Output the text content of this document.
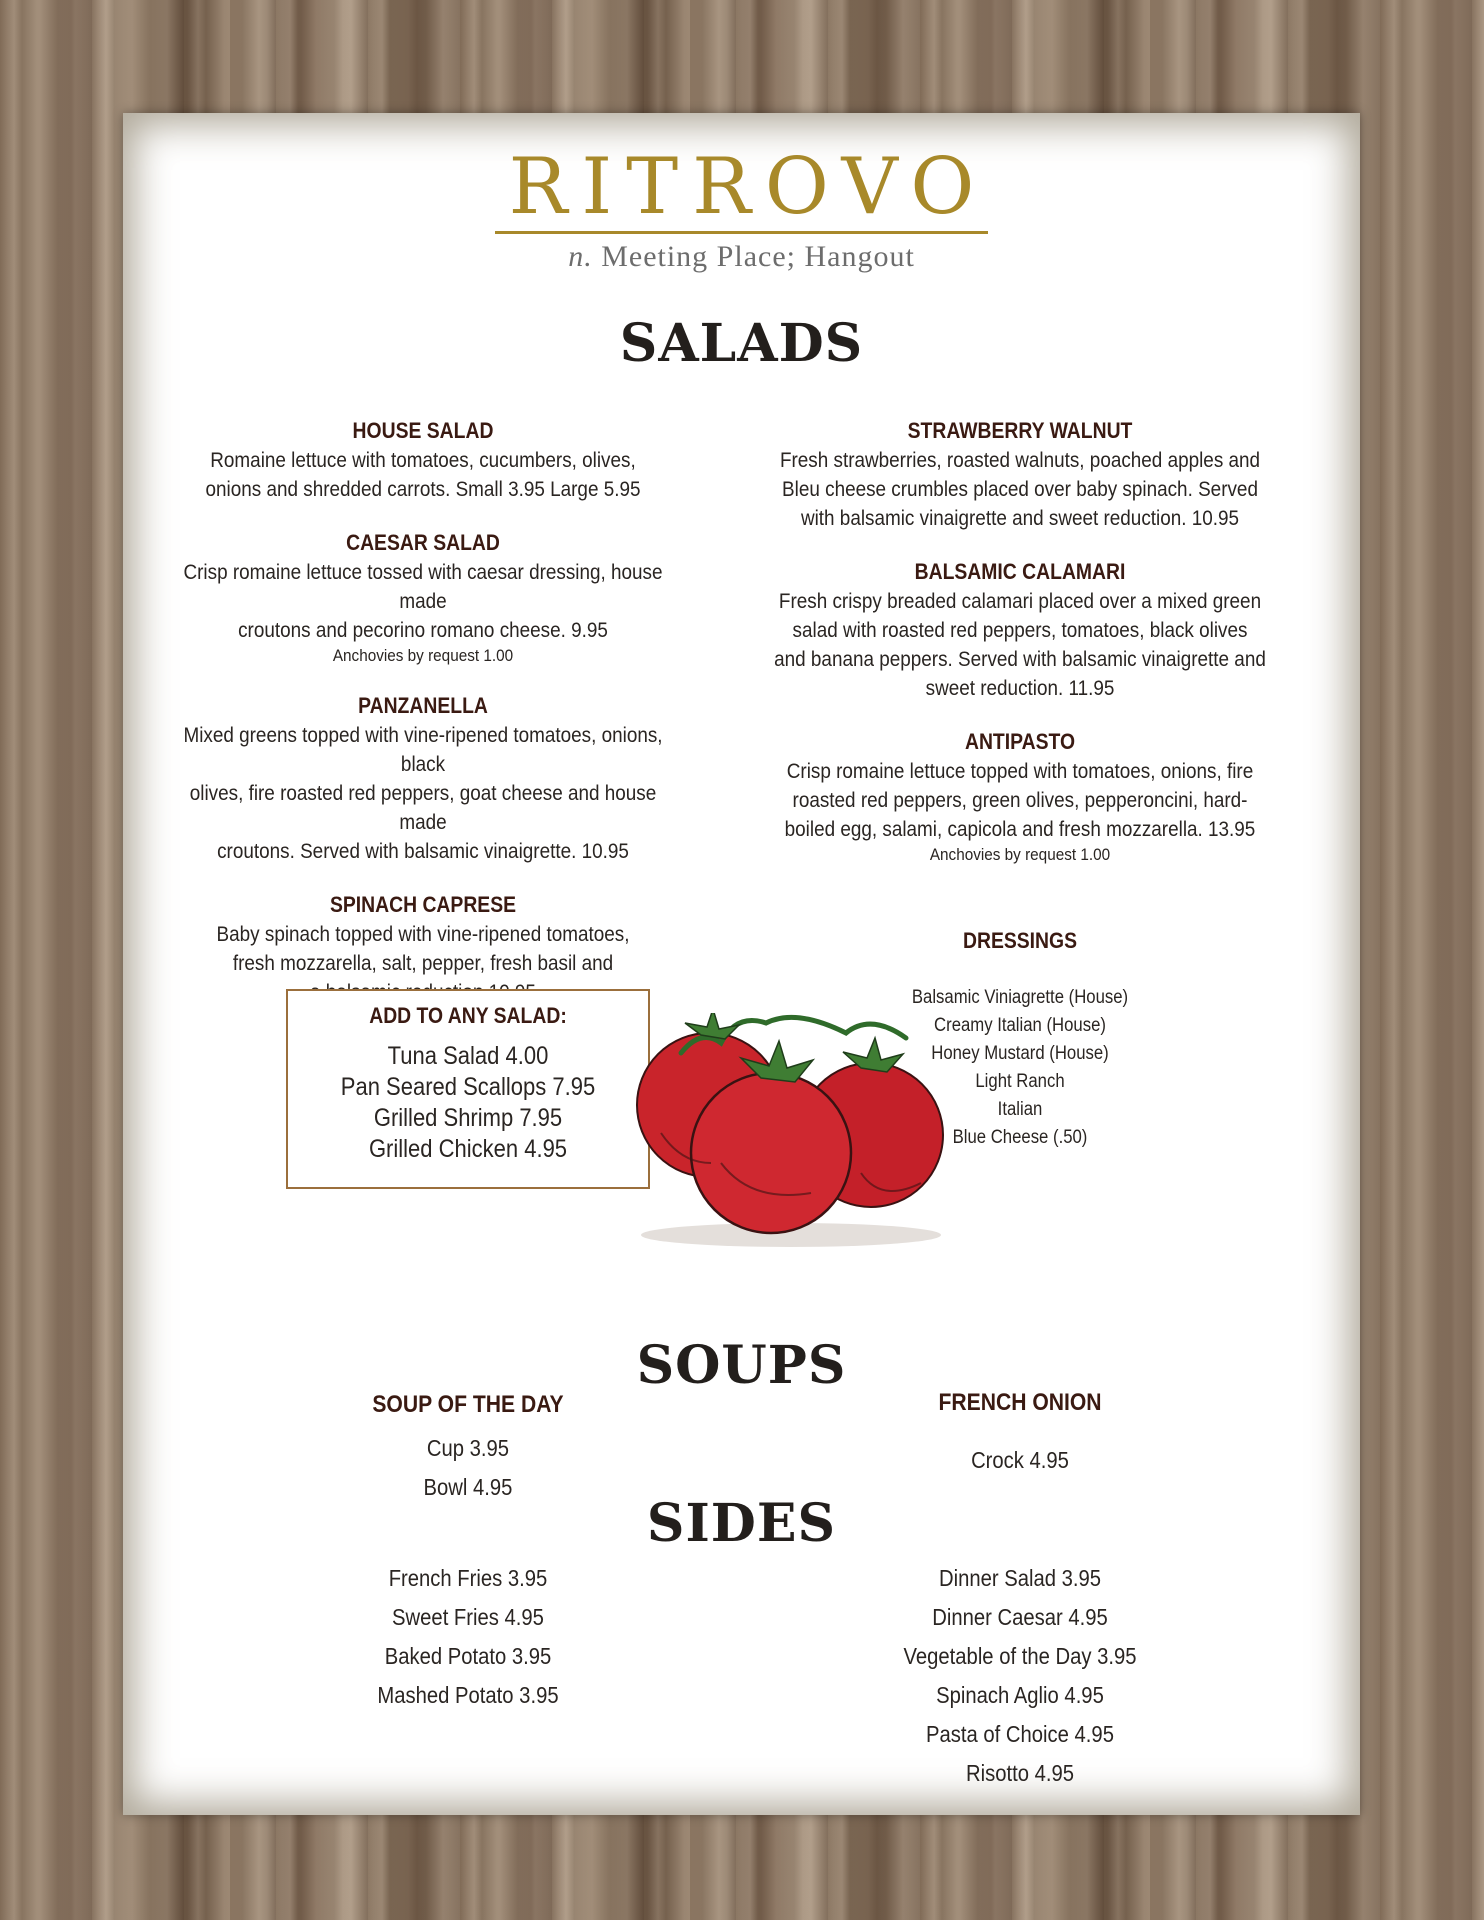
RITROVO
n. Meeting Place; Hangout
SALADS
HOUSE SALAD
Romaine lettuce with tomatoes, cucumbers, olives,
onions and shredded carrots. Small 3.95 Large 5.95
CAESAR SALAD
Crisp romaine lettuce tossed with caesar dressing, house made
croutons and pecorino romano cheese. 9.95
Anchovies by request 1.00
PANZANELLA
Mixed greens topped with vine-ripened tomatoes, onions, black
olives, fire roasted red peppers, goat cheese and house made
croutons. Served with balsamic vinaigrette. 10.95
SPINACH CAPRESE
Baby spinach topped with vine-ripened tomatoes,
fresh mozzarella, salt, pepper, fresh basil and
STRAWBERRY WALNUT
Fresh strawberries, roasted walnuts, poached apples and
Bleu cheese crumbles placed over baby spinach. Served
with balsamic vinaigrette and sweet reduction. 10.95
BALSAMIC CALAMARI
Fresh crispy breaded calamari placed over a mixed green
salad with roasted red peppers, tomatoes, black olives
and banana peppers. Served with balsamic vinaigrette and
sweet reduction. 11.95
ANTIPASTO
Crisp romaine lettuce topped with tomatoes, onions, fire
roasted red peppers, green olives, pepperoncini, hard-
boiled egg, salami, capicola and fresh mozzarella. 13.95
Anchovies by request 1.00
ADD TO ANY SALAD:
Tuna Salad 4.00
Pan Seared Scallops 7.95
Grilled Shrimp 7.95
Grilled Chicken 4.95
DRESSINGS
Balsamic Viniagrette (House)
Creamy Italian (House)
Honey Mustard (House)
Light Ranch
Italian
Blue Cheese (.50)
SOUPS
SOUP OF THE DAY
Cup 3.95
Bowl 4.95
FRENCH ONION
Crock 4.95
SIDES
French Fries 3.95
Sweet Fries 4.95
Baked Potato 3.95
Mashed Potato 3.95
Dinner Salad 3.95
Dinner Caesar 4.95
Vegetable of the Day 3.95
Spinach Aglio 4.95
Pasta of Choice 4.95
Risotto 4.95
